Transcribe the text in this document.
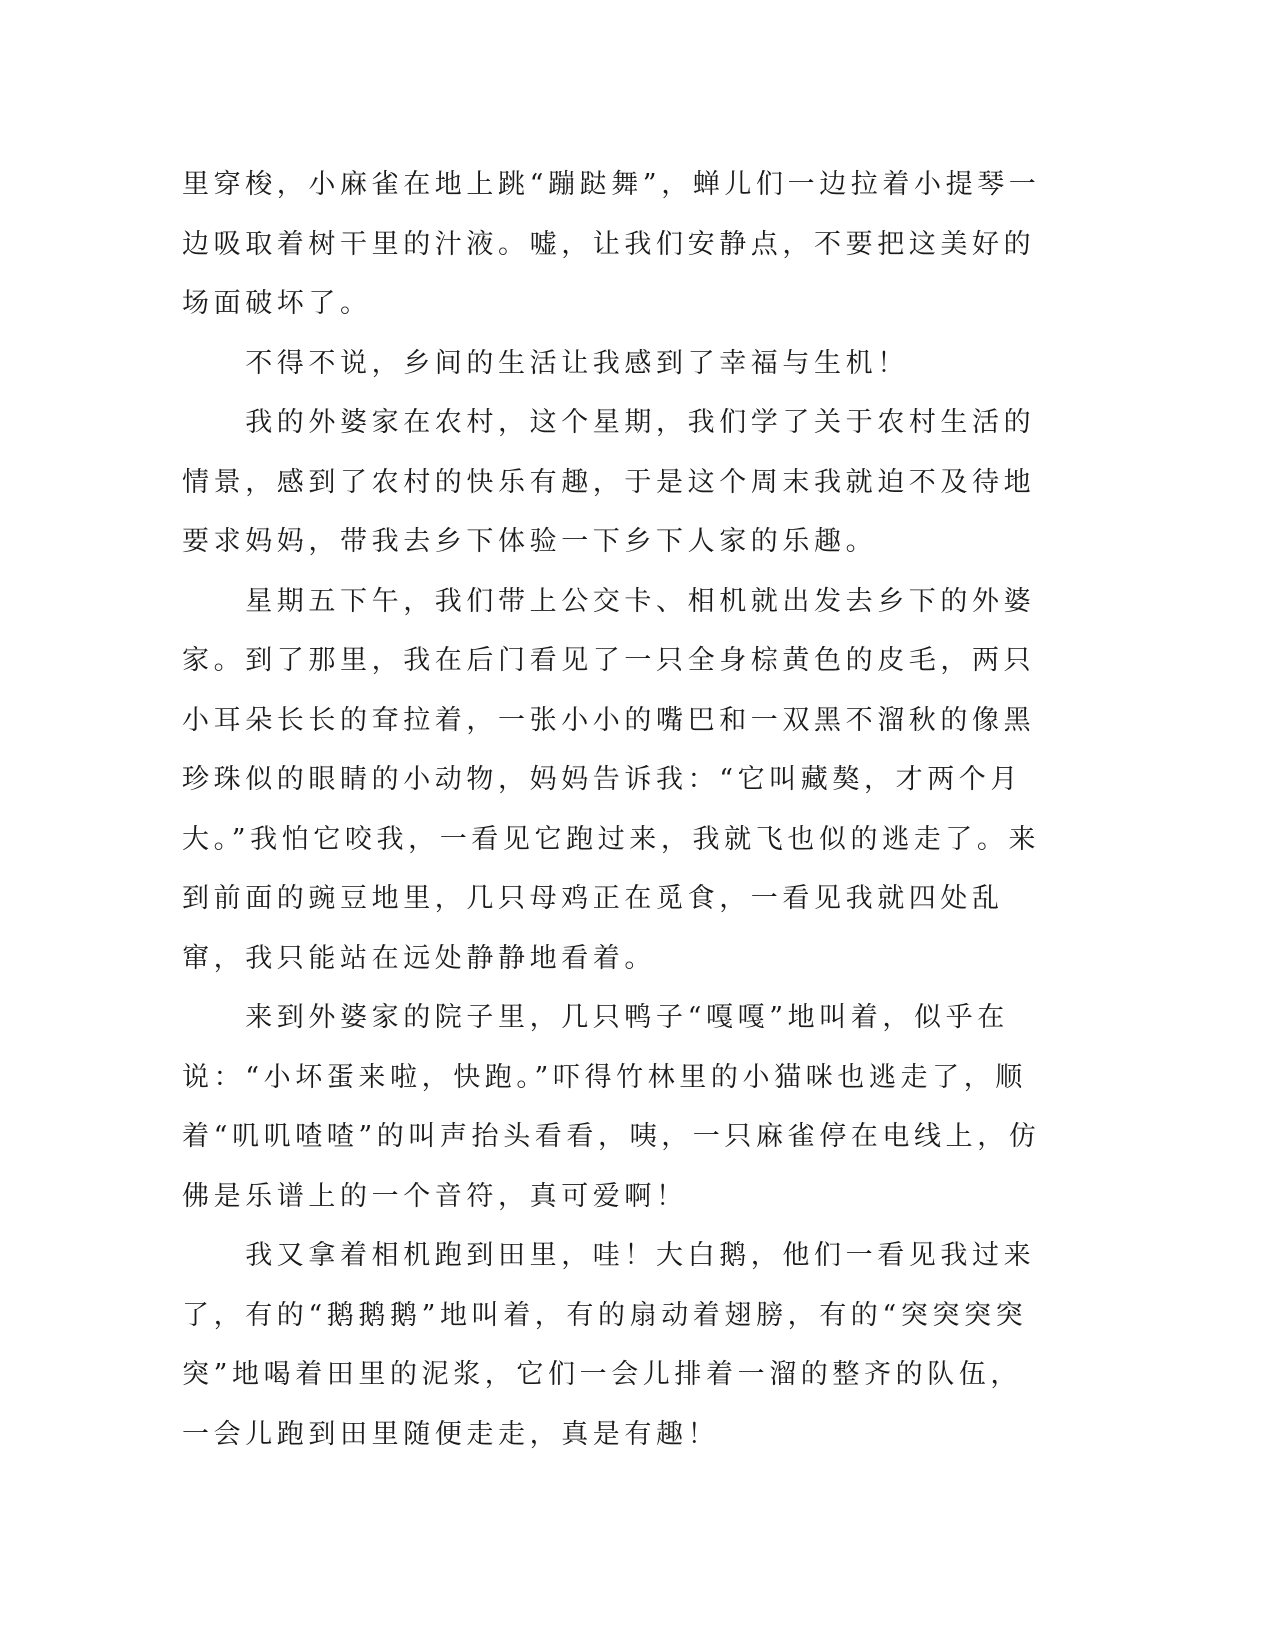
里穿梭，小麻雀在地上跳“蹦跶舞”，蝉儿们一边拉着小提琴一边吸取着树干里的汁液。嘘，让我们安静点，不要把这美好的场面破坏了。

　　不得不说，乡间的生活让我感到了幸福与生机！

　　我的外婆家在农村，这个星期，我们学了关于农村生活的情景，感到了农村的快乐有趣，于是这个周末我就迫不及待地要求妈妈，带我去乡下体验一下乡下人家的乐趣。

　　星期五下午，我们带上公交卡、相机就出发去乡下的外婆家。到了那里，我在后门看见了一只全身棕黄色的皮毛，两只小耳朵长长的耷拉着，一张小小的嘴巴和一双黑不溜秋的像黑珍珠似的眼睛的小动物，妈妈告诉我：“它叫藏獒，才两个月大。”我怕它咬我，一看见它跑过来，我就飞也似的逃走了。来到前面的豌豆地里，几只母鸡正在觅食，一看见我就四处乱窜，我只能站在远处静静地看着。

　　来到外婆家的院子里，几只鸭子“嘎嘎”地叫着，似乎在说：“小坏蛋来啦，快跑。”吓得竹林里的小猫咪也逃走了，顺着“叽叽喳喳”的叫声抬头看看，咦，一只麻雀停在电线上，仿佛是乐谱上的一个音符，真可爱啊！

　　我又拿着相机跑到田里，哇！大白鹅，他们一看见我过来了，有的“鹅鹅鹅”地叫着，有的扇动着翅膀，有的“突突突突突”地喝着田里的泥浆，它们一会儿排着一溜的整齐的队伍，一会儿跑到田里随便走走，真是有趣！
